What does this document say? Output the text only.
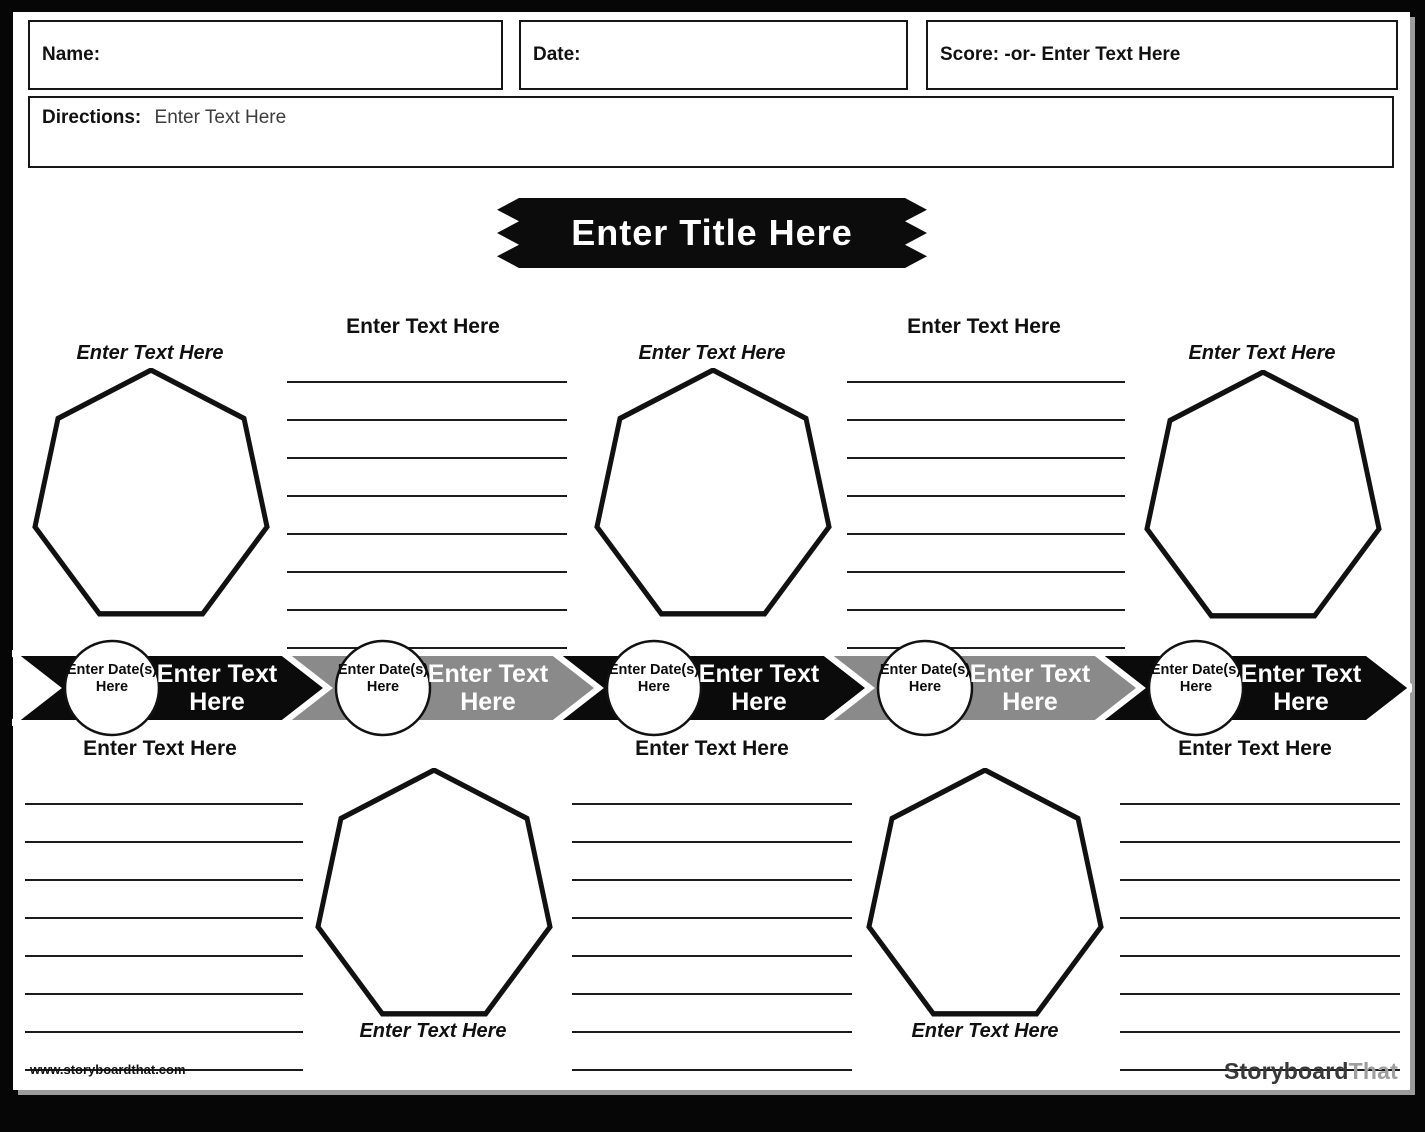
Name:	Date:	Score: -or- Enter Text Here
Directions: Enter Text Here
Enter Title Here
Enter Text Here
Enter Text Here
Enter Text Here
Enter Text Here
Enter Text Here
Enter Date(s) Here
Enter Date(s) Here
Enter Date(s) Here
Enter Date(s) Here
Enter Date(s) Here
Enter Text Here
Enter Text Here
Enter Text Here
Enter Text Here
Enter Text Here
Enter Text Here
Enter Text Here
Enter Text Here
Enter Text Here
Enter Text Here
www.storyboardthat.com	StoryboardThat
